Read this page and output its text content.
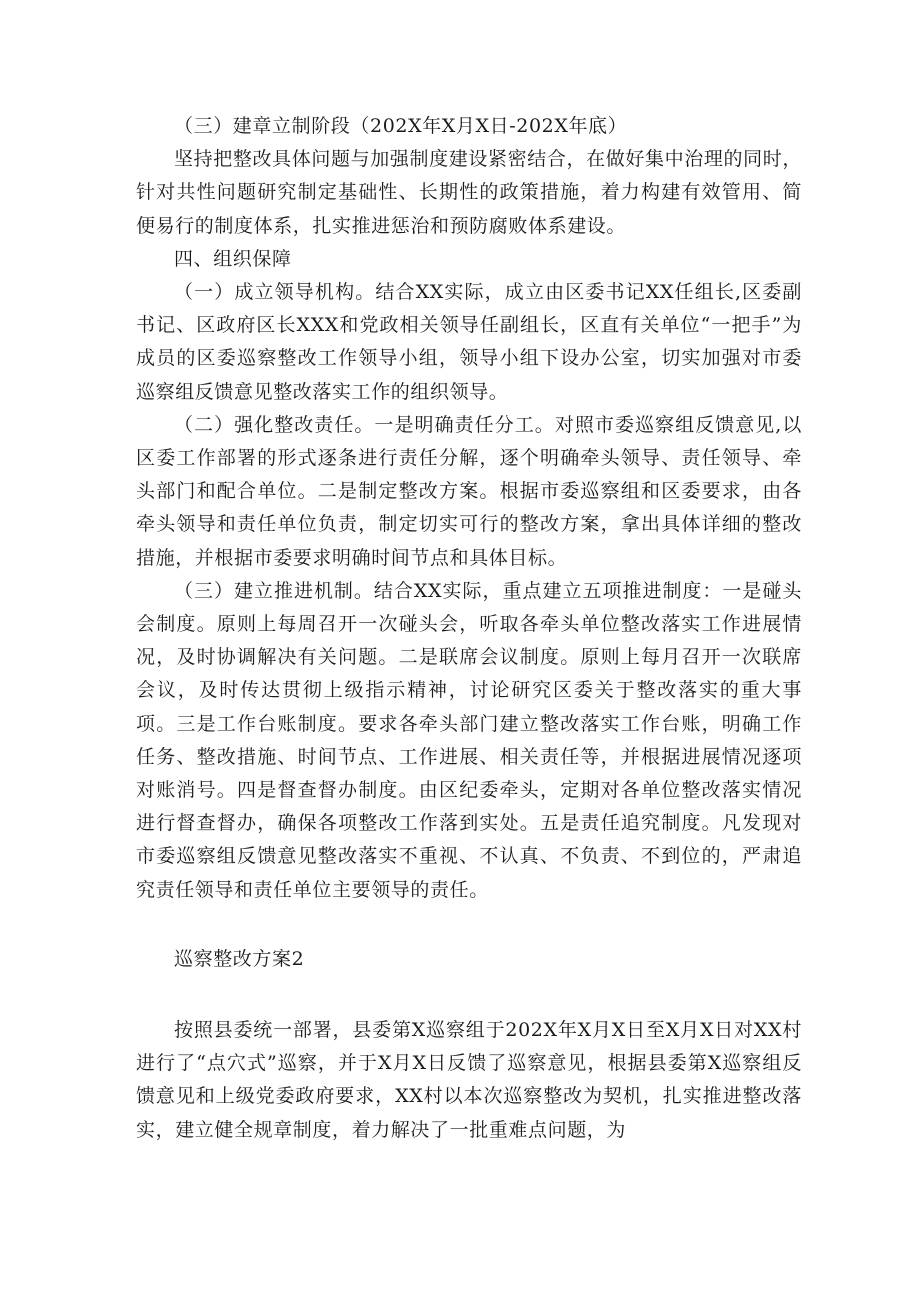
（三）建章立制阶段（202X年X月X日-202X年底）

坚持把整改具体问题与加强制度建设紧密结合，在做好集中治理的同时，针对共性问题研究制定基础性、长期性的政策措施，着力构建有效管用、简便易行的制度体系，扎实推进惩治和预防腐败体系建设。

四、组织保障

（一）成立领导机构。结合XX实际，成立由区委书记XX任组长,区委副书记、区政府区长XXX和党政相关领导任副组长，区直有关单位“一把手”为成员的区委巡察整改工作领导小组，领导小组下设办公室，切实加强对市委巡察组反馈意见整改落实工作的组织领导。

（二）强化整改责任。一是明确责任分工。对照市委巡察组反馈意见,以区委工作部署的形式逐条进行责任分解，逐个明确牵头领导、责任领导、牵头部门和配合单位。二是制定整改方案。根据市委巡察组和区委要求，由各牵头领导和责任单位负责，制定切实可行的整改方案，拿出具体详细的整改措施，并根据市委要求明确时间节点和具体目标。

（三）建立推进机制。结合XX实际，重点建立五项推进制度：一是碰头会制度。原则上每周召开一次碰头会，听取各牵头单位整改落实工作进展情况，及时协调解决有关问题。二是联席会议制度。原则上每月召开一次联席会议，及时传达贯彻上级指示精神，讨论研究区委关于整改落实的重大事项。三是工作台账制度。要求各牵头部门建立整改落实工作台账，明确工作任务、整改措施、时间节点、工作进展、相关责任等，并根据进展情况逐项对账消号。四是督查督办制度。由区纪委牵头，定期对各单位整改落实情况进行督查督办，确保各项整改工作落到实处。五是责任追究制度。凡发现对市委巡察组反馈意见整改落实不重视、不认真、不负责、不到位的，严肃追究责任领导和责任单位主要领导的责任。

巡察整改方案2

按照县委统一部署，县委第X巡察组于202X年X月X日至X月X日对XX村进行了“点穴式”巡察，并于X月X日反馈了巡察意见，根据县委第X巡察组反馈意见和上级党委政府要求，XX村以本次巡察整改为契机，扎实推进整改落实，建立健全规章制度，着力解决了一批重难点问题，为
